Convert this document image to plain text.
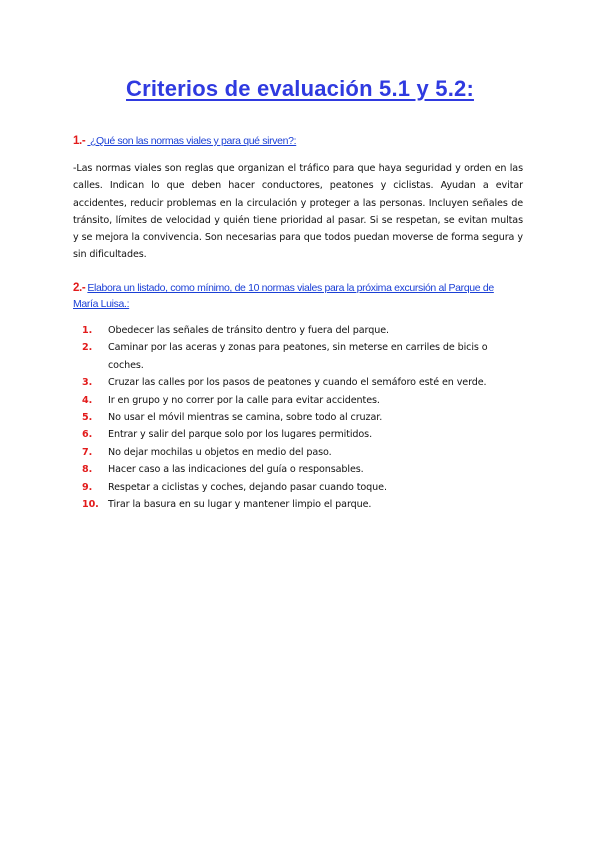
Criterios de evaluación 5.1 y 5.2:
1.- ¿Qué son las normas viales y para qué sirven?:

-Las normas viales son reglas que organizan el tráfico para que haya seguridad y orden en las calles. Indican lo que deben hacer conductores, peatones y ciclistas. Ayudan a evitar accidentes, reducir problemas en la circulación y proteger a las personas. Incluyen señales de tránsito, límites de velocidad y quién tiene prioridad al pasar. Si se respetan, se evitan multas y se mejora la convivencia. Son necesarias para que todos puedan moverse de forma segura y sin dificultades.

2.- Elabora un listado, como mínimo, de 10 normas viales para la próxima excursión al Parque de María Luisa.:
1. Obedecer las señales de tránsito dentro y fuera del parque.
2. Caminar por las aceras y zonas para peatones, sin meterse en carriles de bicis o coches.
3. Cruzar las calles por los pasos de peatones y cuando el semáforo esté en verde.
4. Ir en grupo y no correr por la calle para evitar accidentes.
5. No usar el móvil mientras se camina, sobre todo al cruzar.
6. Entrar y salir del parque solo por los lugares permitidos.
7. No dejar mochilas u objetos en medio del paso.
8. Hacer caso a las indicaciones del guía o responsables.
9. Respetar a ciclistas y coches, dejando pasar cuando toque.
10. Tirar la basura en su lugar y mantener limpio el parque.
